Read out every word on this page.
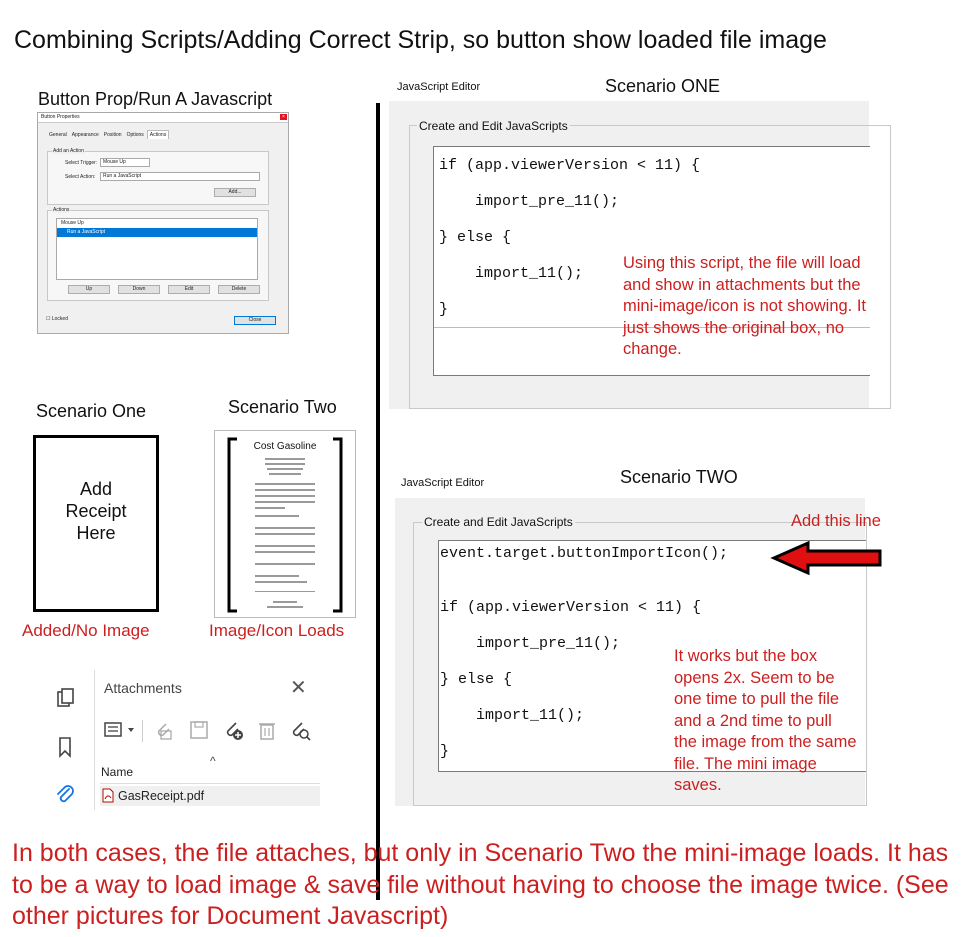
Combining Scripts/Adding Correct Strip, so button show loaded file image
Button Prop/Run A Javascript
Button Properties	×
General Appearance Position Options Actions
Add an Action
Select Trigger:	Mouse Up
Select Action:	Run a JavaScript
Add...
Actions
Mouse Up
Run a JavaScript
Up	Down	Edit	Delete
☐ Locked	Close
Scenario One
Add
Receipt
Here
Added/No Image
Scenario Two
Cost Gasoline
Image/Icon Loads
Attachments	✕
^
Name
GasReceipt.pdf
JavaScript Editor	Scenario ONE
Create and Edit JavaScripts
if (app.viewerVersion < 11) {
import_pre_11();
} else {
import_11();
}
Using this script, the file will load and show in attachments but the mini-image/icon is not showing. It just shows the original box, no change.
JavaScript Editor	Scenario TWO
Create and Edit JavaScripts
event.target.buttonImportIcon();
if (app.viewerVersion < 11) {
import_pre_11();
} else {
import_11();
}
It works but the box opens 2x. Seem to be one time to pull the file and a 2nd time to pull the image from the same file. The mini image saves.
Add this line
In both cases, the file attaches, but only in Scenario Two the mini-image loads. It has to be a way to load image & save file without having to choose the image twice. (See other pictures for Document Javascript)
